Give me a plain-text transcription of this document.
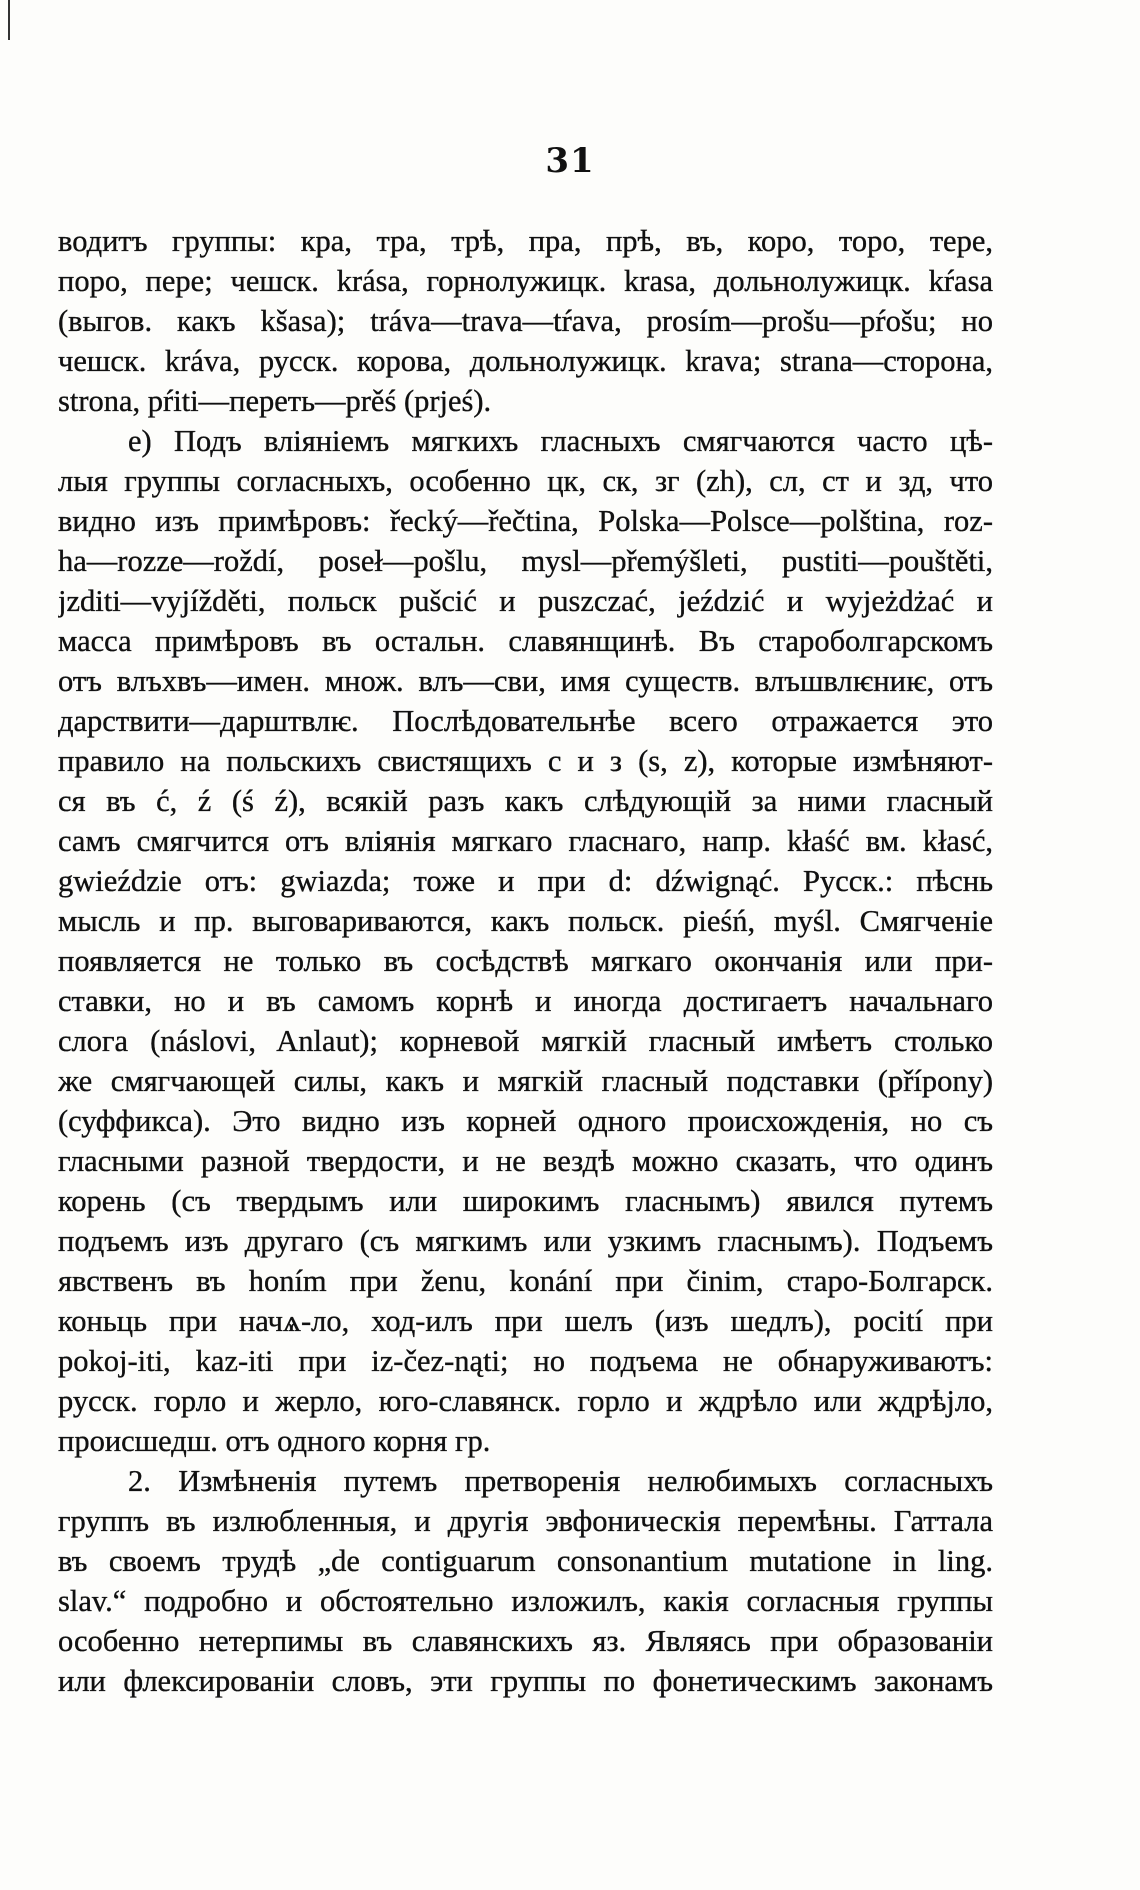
31
водитъ группы: кра, тра, трѣ, пра, прѣ, въ, коро, торо, тере,
поро, пере; чешск. krása, горнолужицк. krasa, дольнолужицк. kŕasa
(выгов. какъ kšasa); tráva—trava—tŕava, prosím—prošu—pŕošu; но
чешск. kráva, русск. корова, дольнолужицк. krava; strana—сторона,
strona, pŕiti—переть—prěś (prjeś).
e) Подъ вліяніемъ мягкихъ гласныхъ смягчаются часто цѣ-
лыя группы согласныхъ, особенно цк, ск, зг (zh), сл, ст и зд, что
видно изъ примѣровъ: řecký—řečtina, Polska—Polsce—polština, roz-
ha—rozze—roždí, poseł—pošlu, mysl—přemýšleti, pustiti—pouštěti,
jzditi—vyjížděti, польск pušcić и puszczać, jeździć и wyjeżdżać и
масса примѣровъ въ остальн. славянщинѣ. Въ староболгарскомъ
отъ влъхвъ—имен. множ. влъ—сви, имя существ. влъшвлѥниѥ, отъ
дарствити—дарштвлѥ. Послѣдовательнѣе всего отражается это
правило на польскихъ свистящихъ с и з (s, z), которые измѣняют-
ся въ ć, ź (ś ź), всякій разъ какъ слѣдующій за ними гласный
самъ смягчится отъ вліянія мягкаго гласнаго, напр. kłaść вм. kłasć,
gwieździe отъ: gwiazda; тоже и при d: dźwignąć. Русск.: пѣснь
мысль и пр. выговариваются, какъ польск. pieśń, myśl. Смягченіе
появляется не только въ сосѣдствѣ мягкаго окончанія или при-
ставки, но и въ самомъ корнѣ и иногда достигаетъ начальнаго
слога (náslovi, Anlaut); корневой мягкій гласный имѣетъ столько
же смягчающей силы, какъ и мягкій гласный подставки (přípony)
(суффикса). Это видно изъ корней одного происхожденія, но съ
гласными разной твердости, и не вездѣ можно сказать, что одинъ
корень (съ твердымъ или широкимъ гласнымъ) явился путемъ
подъемъ изъ другаго (съ мягкимъ или узкимъ гласнымъ). Подъемъ
явственъ въ honím при ženu, konání при činim, старо-Болгарск.
коньць при начѧ-ло, ход-илъ при шелъ (изъ шедлъ), pocití при
pokoj-iti, kaz-iti при iz-čez-nąti; но подъема не обнаруживаютъ:
русск. горло и жерло, юго-славянск. горло и ждрѣло или ждрѣјло,
происшедш. отъ одного корня гр.
2. Измѣненія путемъ претворенія нелюбимыхъ согласныхъ
группъ въ излюбленныя, и другія эвфоническія перемѣны. Гаттала
въ своемъ трудѣ „de contiguarum consonantium mutatione in ling.
slav.“ подробно и обстоятельно изложилъ, какія согласныя группы
особенно нетерпимы въ славянскихъ яз. Являясь при образованіи
или флексированіи словъ, эти группы по фонетическимъ законамъ
